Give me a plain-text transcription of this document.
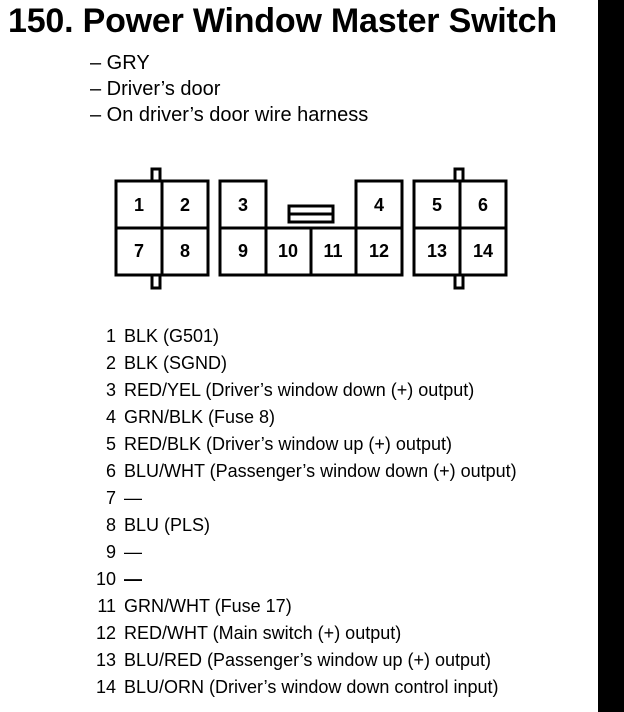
150. Power Window Master Switch
– GRY
– Driver’s door
– On driver’s door wire harness
1 2	3	4	5 6
7 8	9 10 11 12 13 14
1 BLK (G501)
2 BLK (SGND)
3 RED/YEL (Driver’s window down (+) output)
4 GRN/BLK (Fuse 8)
5 RED/BLK (Driver’s window up (+) output)
6 BLU/WHT (Passenger’s window down (+) output)
7 —
8 BLU (PLS)
9 —
10 —
11 GRN/WHT (Fuse 17)
12 RED/WHT (Main switch (+) output)
13 BLU/RED (Passenger’s window up (+) output)
14 BLU/ORN (Driver’s window down control input)
